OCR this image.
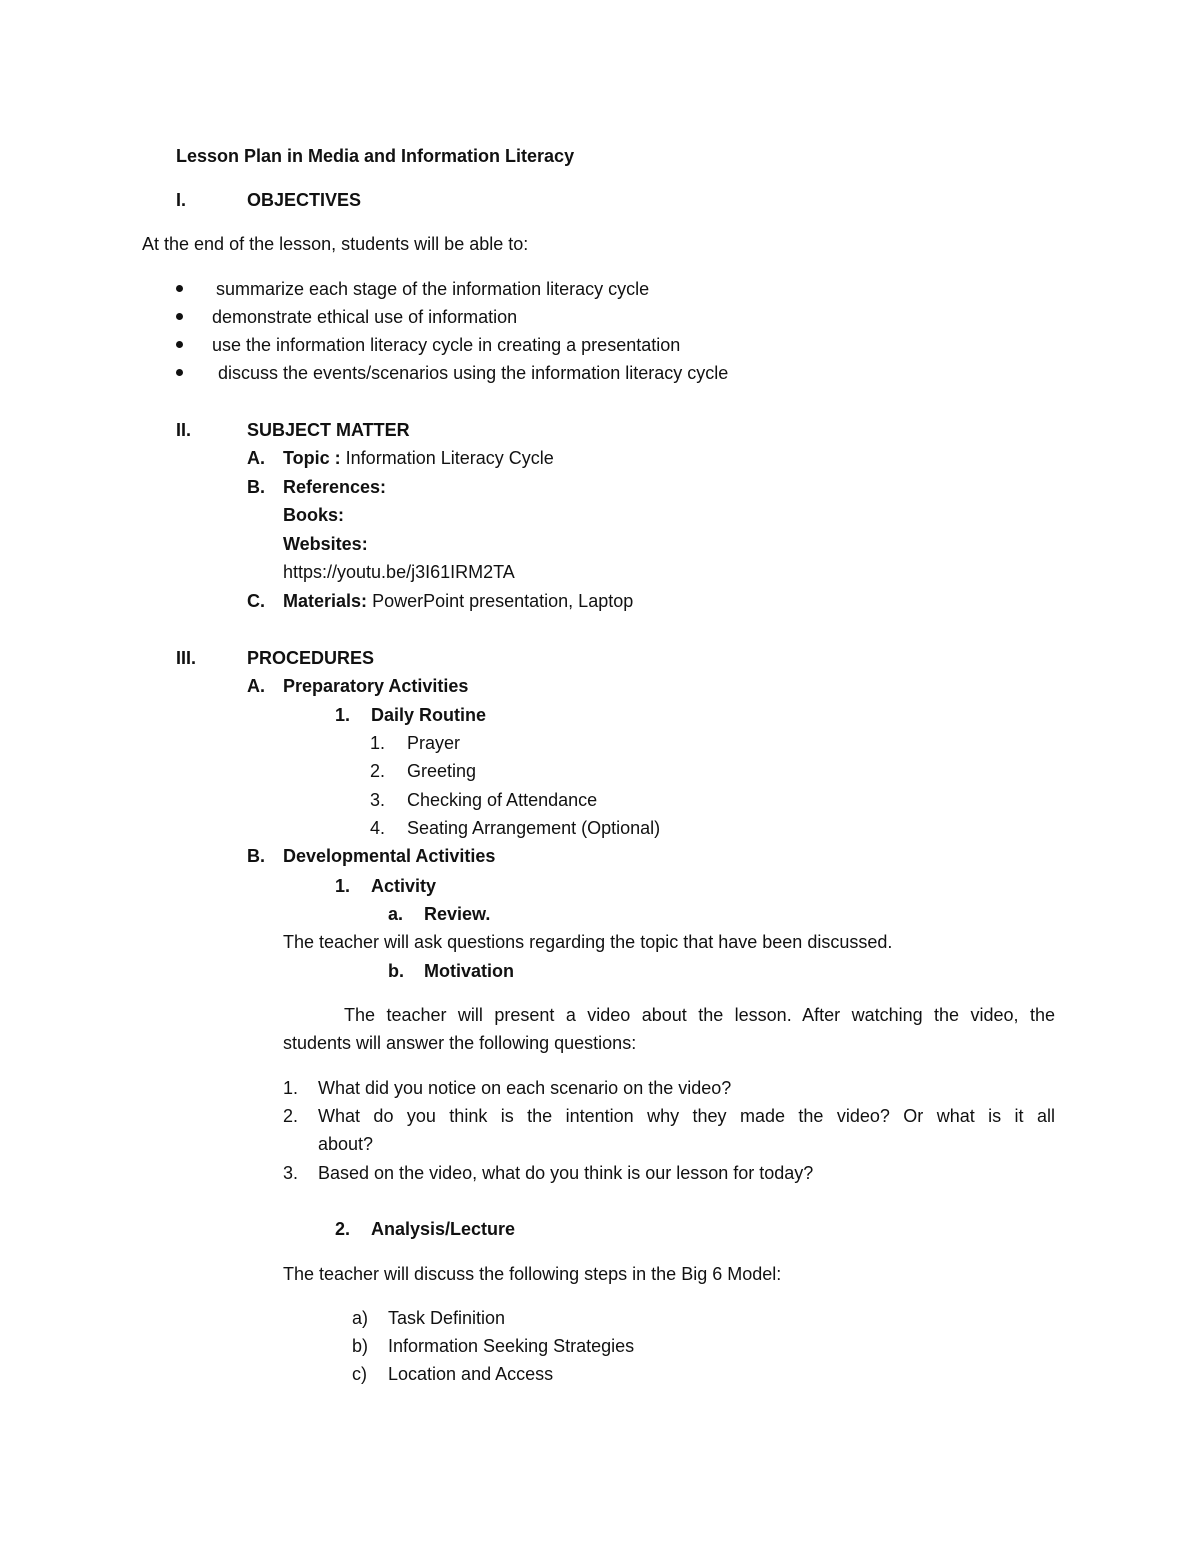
Lesson Plan in Media and Information Literacy
I.	OBJECTIVES
At the end of the lesson, students will be able to:
summarize each stage of the information literacy cycle
demonstrate ethical use of information
use the information literacy cycle in creating a presentation
discuss the events/scenarios using the information literacy cycle
II.	SUBJECT MATTER
A. Topic : Information Literacy Cycle
B. References:
Books:
Websites:
https://youtu.be/j3I61IRM2TA
C. Materials: PowerPoint presentation, Laptop
III.	PROCEDURES
A. Preparatory Activities
1. Daily Routine
1. Prayer
2. Greeting
3. Checking of Attendance
4. Seating Arrangement (Optional)
B. Developmental Activities
1. Activity
a. Review.
The teacher will ask questions regarding the topic that have been discussed.
b. Motivation
The teacher will present a video about the lesson. After watching the video, the
students will answer the following questions:
1. What did you notice on each scenario on the video?
2. What do you think is the intention why they made the video? Or what is it all
about?
3. Based on the video, what do you think is our lesson for today?
2. Analysis/Lecture
The teacher will discuss the following steps in the Big 6 Model:
a) Task Definition
b) Information Seeking Strategies
c) Location and Access
